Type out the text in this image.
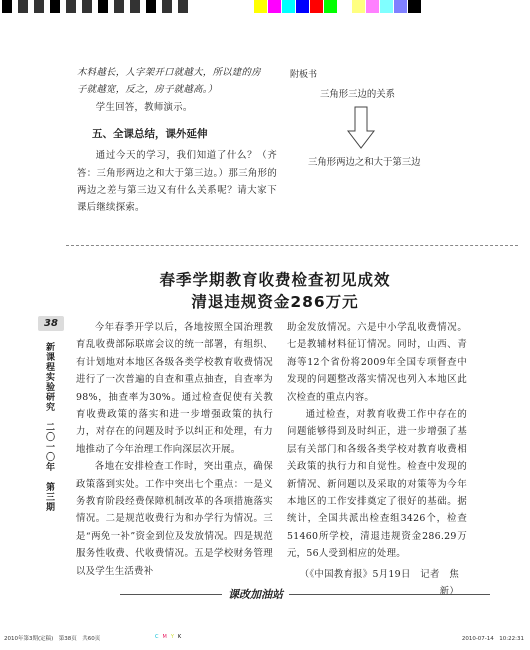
木料越长，人字架开口就越大，所以建的房
子就越宽，反之，房子就越高。）
学生回答，教师演示。
五、全课总结，课外延伸
通过今天的学习，我们知道了什么？（齐答：三角形两边之和大于第三边。）那三角形的两边之差与第三边又有什么关系呢？请大家下课后继续探索。
附板书
三角形三边的关系
三角形两边之和大于第三边
春季学期教育收费检查初见成效
清退违规资金286万元
38
新课程实验研究　二〇一〇年　第三期
今年春季开学以后，各地按照全国治理教育乱收费部际联席会议的统一部署，有组织、有计划地对本地区各级各类学校教育收费情况进行了一次普遍的自查和重点抽查，自查率为98%，抽查率为30%。通过检查促使有关教育收费政策的落实和进一步增强政策的执行力，对存在的问题及时予以纠正和处理，有力地推动了今年治理工作向深层次开展。
各地在安排检查工作时，突出重点，确保政策落到实处。工作中突出七个重点：一是义务教育阶段经费保障机制改革的各项措施落实情况。二是规范收费行为和办学行为情况。三是“两免一补”资金到位及发放情况。四是规范服务性收费、代收费情况。五是学校财务管理以及学生生活费补
助金发放情况。六是中小学乱收费情况。七是教辅材料征订情况。同时，山西、青海等12个省份将2009年全国专项督查中发现的问题整改落实情况也列入本地区此次检查的重点内容。
通过检查，对教育收费工作中存在的问题能够得到及时纠正，进一步增强了基层有关部门和各级各类学校对教育收费相关政策的执行力和自觉性。检查中发现的新情况、新问题以及采取的对策等为今年本地区的工作安排奠定了很好的基础。据统计，全国共派出检查组3426个，检查51460所学校，清退违规资金286.29万元，56人受到相应的处理。
（《中国教育报》5月19日　记者　焦新）
课改加油站
2010年第3期(定稿)　第38页　共60页	CMYK	2010-07-14　10:22:31
